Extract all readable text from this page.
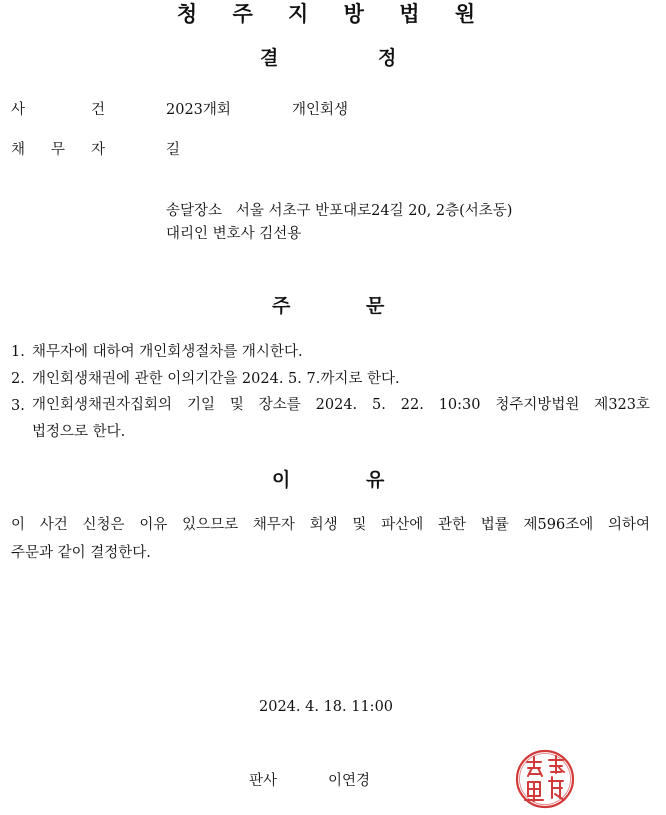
청 주 지 방 법 원
결	정
사	건	2023개회	개인회생
채 무 자	길
송달장소   서울 서초구 반포대로24길 20, 2층(서초동)
대리인 변호사 김선용
주	문
1. 채무자에 대하여 개인회생절차를 개시한다.
2. 개인회생채권에 관한 이의기간을 2024. 5. 7.까지로 한다.
3. 개인회생채권자집회의 기일 및 장소를 2024. 5. 22. 10:30 청주지방법원 제323호
법정으로 한다.
이	유
이 사건 신청은 이유 있으므로 채무자 회생 및 파산에 관한 법률 제596조에 의하여
주문과 같이 결정한다.
2024. 4. 18. 11:00
판사	이연경
